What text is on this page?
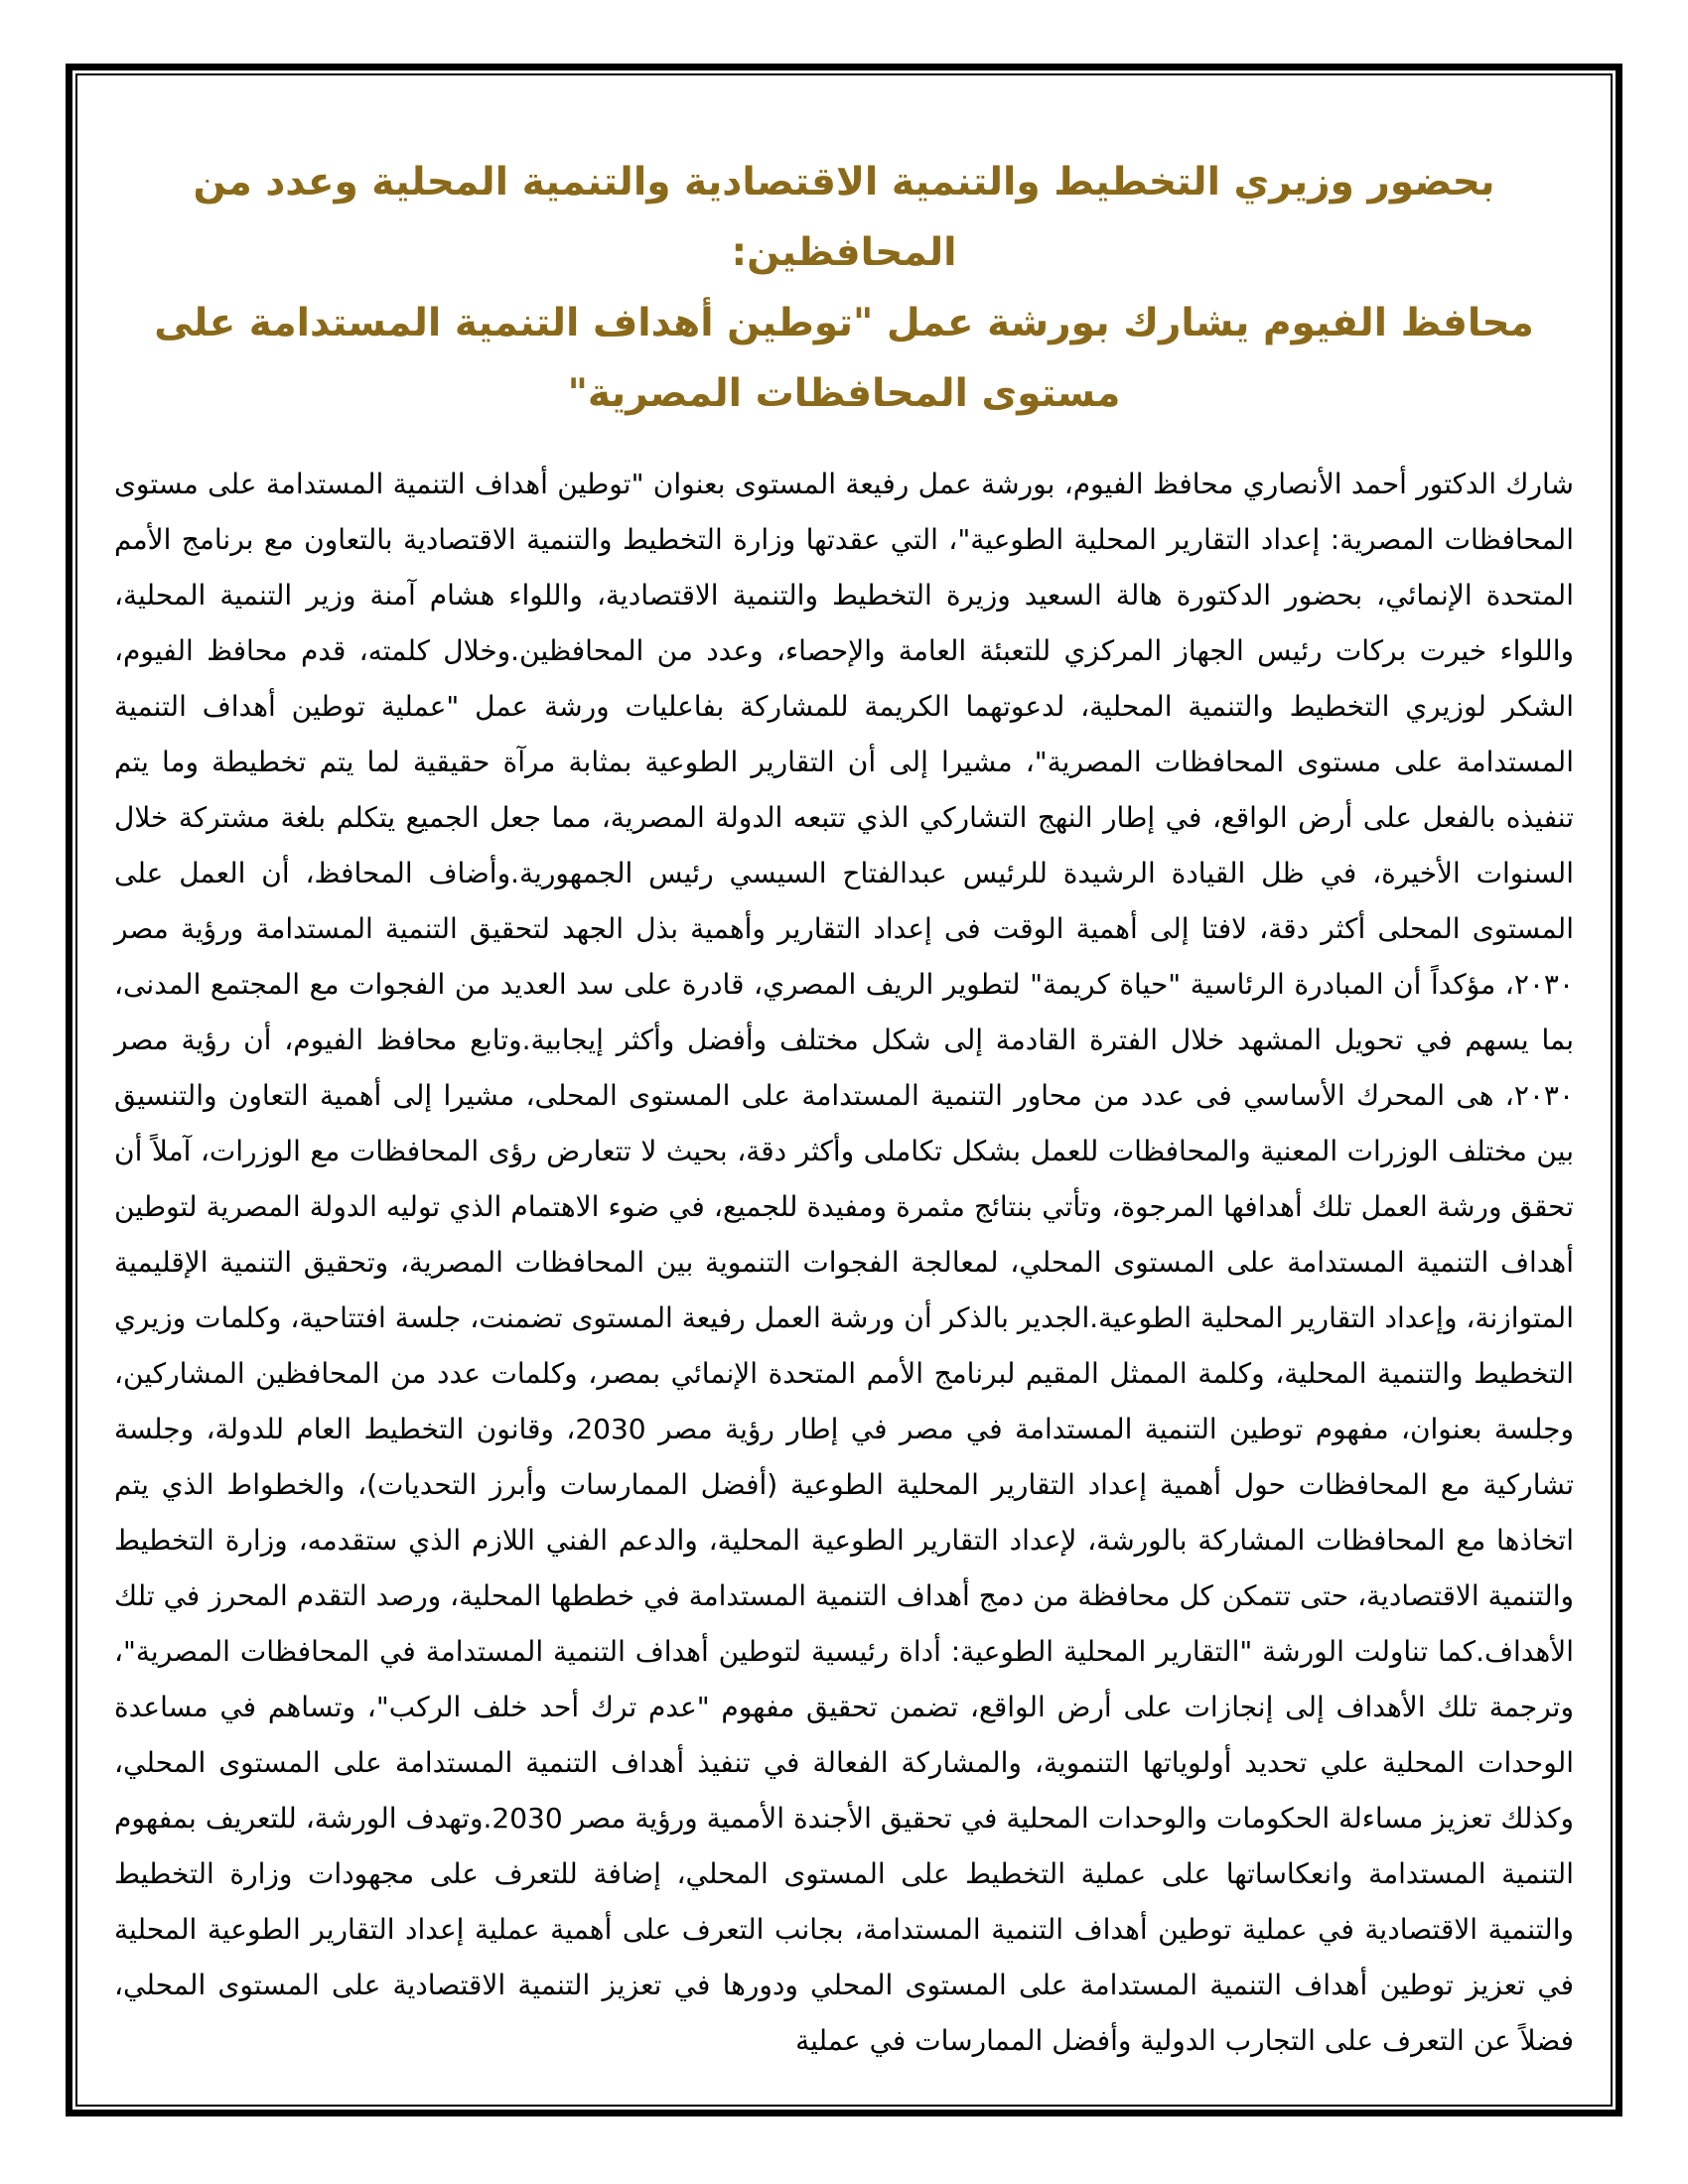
بحضور وزيري التخطيط والتنمية الاقتصادية والتنمية المحلية وعدد من المحافظين:

محافظ الفيوم يشارك بورشة عمل "توطين أهداف التنمية المستدامة على مستوى المحافظات المصرية"

شارك الدكتور أحمد الأنصاري محافظ الفيوم، بورشة عمل رفيعة المستوى بعنوان "توطين أهداف التنمية المستدامة على مستوى المحافظات المصرية: إعداد التقارير المحلية الطوعية"، التي عقدتها وزارة التخطيط والتنمية الاقتصادية بالتعاون مع برنامج الأمم المتحدة الإنمائي، بحضور الدكتورة هالة السعيد وزيرة التخطيط والتنمية الاقتصادية، واللواء هشام آمنة وزير التنمية المحلية، واللواء خيرت بركات رئيس الجهاز المركزي للتعبئة العامة والإحصاء، وعدد من المحافظين.وخلال كلمته، قدم محافظ الفيوم، الشكر لوزيري التخطيط والتنمية المحلية، لدعوتهما الكريمة للمشاركة بفاعليات ورشة عمل "عملية توطين أهداف التنمية المستدامة على مستوى المحافظات المصرية"، مشيرا إلى أن التقارير الطوعية بمثابة مرآة حقيقية لما يتم تخطيطة وما يتم تنفيذه بالفعل على أرض الواقع، في إطار النهج التشاركي الذي تتبعه الدولة المصرية، مما جعل الجميع يتكلم بلغة مشتركة خلال السنوات الأخيرة، في ظل القيادة الرشيدة للرئيس عبدالفتاح السيسي رئيس الجمهورية.وأضاف المحافظ، أن العمل على المستوى المحلى أكثر دقة، لافتا إلى أهمية الوقت فى إعداد التقارير وأهمية بذل الجهد لتحقيق التنمية المستدامة ورؤية مصر ٢٠٣٠، مؤكداً أن المبادرة الرئاسية "حياة كريمة" لتطوير الريف المصري، قادرة على سد العديد من الفجوات مع المجتمع المدنى، بما يسهم في تحويل المشهد خلال الفترة القادمة إلى شكل مختلف وأفضل وأكثر إيجابية.وتابع محافظ الفيوم، أن رؤية مصر ٢٠٣٠، هى المحرك الأساسي فى عدد من محاور التنمية المستدامة على المستوى المحلى، مشيرا إلى أهمية التعاون والتنسيق بين مختلف الوزرات المعنية والمحافظات للعمل بشكل تكاملى وأكثر دقة، بحيث لا تتعارض رؤى المحافظات مع الوزرات، آملاً أن تحقق ورشة العمل تلك أهدافها المرجوة، وتأتي بنتائج مثمرة ومفيدة للجميع، في ضوء الاهتمام الذي توليه الدولة المصرية لتوطين أهداف التنمية المستدامة على المستوى المحلي، لمعالجة الفجوات التنموية بين المحافظات المصرية، وتحقيق التنمية الإقليمية المتوازنة، وإعداد التقارير المحلية الطوعية.الجدير بالذكر أن ورشة العمل رفيعة المستوى تضمنت، جلسة افتتاحية، وكلمات وزيري التخطيط والتنمية المحلية، وكلمة الممثل المقيم لبرنامج الأمم المتحدة الإنمائي بمصر، وكلمات عدد من المحافظين المشاركين، وجلسة بعنوان، مفهوم توطين التنمية المستدامة في مصر في إطار رؤية مصر 2030، وقانون التخطيط العام للدولة، وجلسة تشاركية مع المحافظات حول أهمية إعداد التقارير المحلية الطوعية (أفضل الممارسات وأبرز التحديات)، والخطواط الذي يتم اتخاذها مع المحافظات المشاركة بالورشة، لإعداد التقارير الطوعية المحلية، والدعم الفني اللازم الذي ستقدمه، وزارة التخطيط والتنمية الاقتصادية، حتى تتمكن كل محافظة من دمج أهداف التنمية المستدامة في خططها المحلية، ورصد التقدم المحرز في تلك الأهداف.كما تناولت الورشة "التقارير المحلية الطوعية: أداة رئيسية لتوطين أهداف التنمية المستدامة في المحافظات المصرية"، وترجمة تلك الأهداف إلى إنجازات على أرض الواقع، تضمن تحقيق مفهوم "عدم ترك أحد خلف الركب"، وتساهم في مساعدة الوحدات المحلية علي تحديد أولوياتها التنموية، والمشاركة الفعالة في تنفيذ أهداف التنمية المستدامة على المستوى المحلي، وكذلك تعزيز مساءلة الحكومات والوحدات المحلية في تحقيق الأجندة الأممية ورؤية مصر 2030.وتهدف الورشة، للتعريف بمفهوم التنمية المستدامة وانعكاساتها على عملية التخطيط على المستوى المحلي، إضافة للتعرف على مجهودات وزارة التخطيط والتنمية الاقتصادية في عملية توطين أهداف التنمية المستدامة، بجانب التعرف على أهمية عملية إعداد التقارير الطوعية المحلية في تعزيز توطين أهداف التنمية المستدامة على المستوى المحلي ودورها في تعزيز التنمية الاقتصادية على المستوى المحلي، فضلاً عن التعرف على التجارب الدولية وأفضل الممارسات في عملية
